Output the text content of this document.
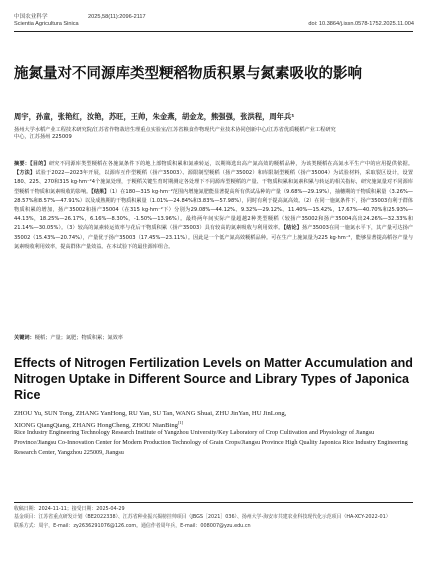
中国农业科学
Scientia Agricultura Sinica	doi: 10.3864/j.issn.0578-1752.2025.11.004
2025,58(11):2096-2117
施氮量对不同源库类型粳稻物质积累与氮素吸收的影响
周宇，孙童，张艳红，汝艳，苏旺，王帅，朱金燕，胡金龙，熊强强，张洪程，周年兵¹
扬州大学水稻产业工程技术研究院/江苏省作物栽培生理重点实验室/江苏省粮食作物现代产业技术协同创新中心/江苏省优质粳稻产业工程研究
中心，江苏扬州 225009

摘要：【目的】研究不同源库类型粳稻在各施氮条件下的地上部物质积累和氮素转运，以期筛选出高产氮高效的粳稻品种，为该类粳稻在高氮水平生产中的应用提供依据。【方法】试验于2022—2023年开展，以源库互作型粳稻（扬产35003）、源限制型粳稻（扬产35002）和库限制型粳稻（扬产35004）为试验材料，采取裂区设计，设置180、225、270和315 kg·hm⁻²4个施氮处理，于粳稻关键生育时期测定各处理下不同源库型粳稻的产量、干物质积累和氮素积累与转运的相关指标，研究施氮量对不同源库型粳稻干物质和氮素吸收的影响。【结果】（1）在180—315 kg·hm⁻²范围内增施氮肥能显著提高所有供试品种的产量（9.68%—29.19%），抽穗期的干物质积累量（3.26%—28.57%和8.57%—47.91%）以及成熟期的干物质积累量（1.01%—24.84%和3.83%—57.98%），同时有利于提高氮高效。（2）在同一施氮条件下，扬产35003有利于群体物质积累的增加，扬产35002和扬产35004（在315 kg·hm⁻²下）分别为29.08%—44.12%、9.32%—29.12%、11.40%—15.42%，17.67%—40.70%和25.93%—44.13%，18.25%—26.17%，6.16%—8.30%，-1.50%—13.96%）。最终两年间实际产量超越2种类型粳稻（较扬产35002和扬产35004高出24.26%—32.33%和21.14%—30.05%）。（3）较高的氮素转运效率与花后干物质积累（扬产35003）具有较高的氮素吸收与利用效率。【结论】扬产35003在同一施氮水平下，其产量可达扬产35002（15.43%—20.74%），产量优于扬产35003（17.45%—23.11%）。因此是一个低产氮高效粳稻品种。可在生产上施氮量为225 kg·hm⁻²，能够显著提高稻谷产量与氮素吸收利用效率，提高群体产量效益。在本试验下的最佳源库组合。

关键词：粳稻；产量；氮肥；物质积累；氮效率
Effects of Nitrogen Fertilization Levels on Matter Accumulation and Nitrogen Uptake in Different Source and Library Types of Japonica Rice
ZHOU Yu, SUN Tong, ZHANG YanHong, RU Yan, SU Tan, WANG Shuai, ZHU JinYan, HU JinLong,
XIONG QiangQiang, ZHANG HongCheng, ZHOU NianBing[1]
Rice Industry Engineering Technology Research Institute of Yangzhou University/Key Laboratory of Crop Cultivation and Physiology of Jiangsu Province/Jiangsu Co-Innovation Center for Modern Production Technology of Grain Crops/Jiangsu Province High Quality Japonica Rice Industry Engineering Research Center, Yangzhou 225009, Jiangsu

收稿日期：2024-11-11；接受日期：2025-04-29

基金项目：江苏省重点研发计划（BE2022338）、江苏省种业振兴揭榜挂帅项目（JBGS［2021］036）、扬州大学-海安市共建农业科技现代化示范项目（HA-XCY-2022-01）

联系方式：周宇，E-mail：zy2636291076@126.com。通信作者周年兵，E-mail：008007@yzu.edu.cn
